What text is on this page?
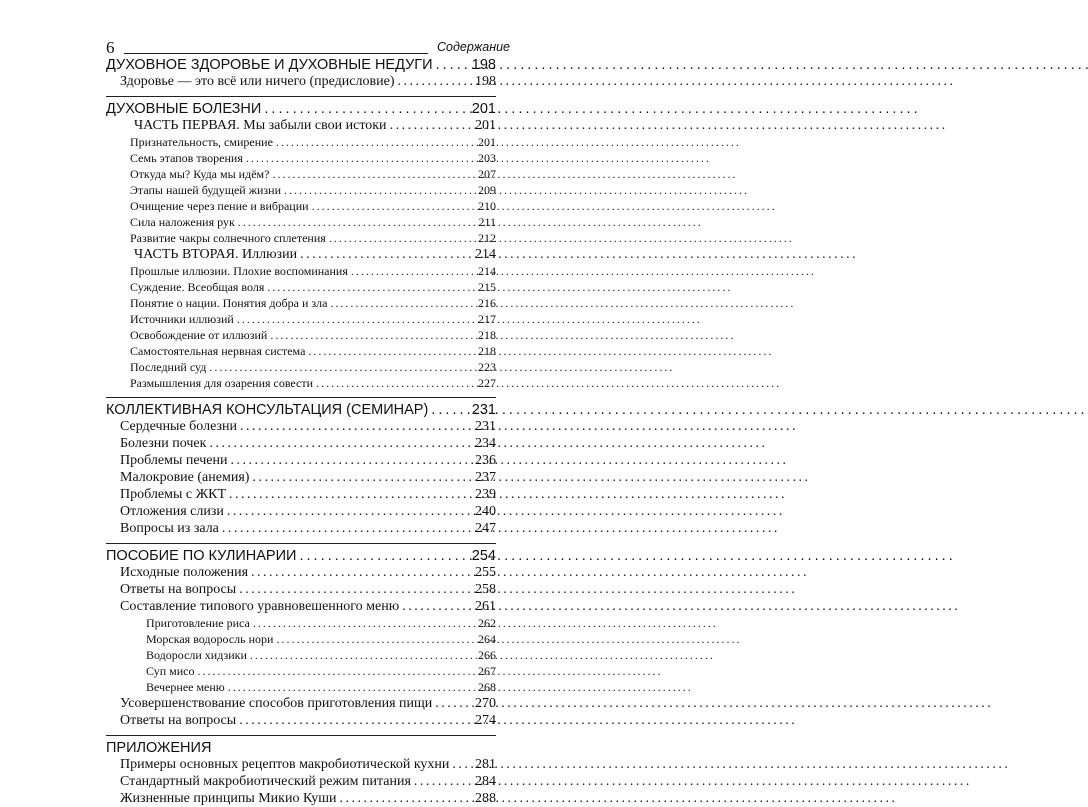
6	Содержание
ДУХОВНОЕ ЗДОРОВЬЕ И ДУХОВНЫЕ НЕДУГИ . . .	198
Здоровье — это всё или ничего (предисловие) . . .	198
ДУХОВНЫЕ БОЛЕЗНИ . . .	201
ЧАСТЬ ПЕРВАЯ. Мы забыли свои истоки . . .	201
Признательность, смирение . . .	201
Семь этапов творения . . .	203
Откуда мы? Куда мы идём? . . .	207
Этапы нашей будущей жизни . . .	209
Очищение через пение и вибрации . . .	210
Сила наложения рук . . .	211
Развитие чакры солнечного сплетения . . .	212
ЧАСТЬ ВТОРАЯ. Иллюзии . . .	214
Прошлые иллюзии. Плохие воспоминания . . .	214
Суждение. Всеобщая воля . . .	215
Понятие о нации. Понятия добра и зла . . .	216
Источники иллюзий . . .	217
Освобождение от иллюзий . . .	218
Самостоятельная нервная система . . .	218
Последний суд . . .	223
Размышления для озарения совести . . .	227
КОЛЛЕКТИВНАЯ КОНСУЛЬТАЦИЯ (СЕМИНАР) . . .	231
Сердечные болезни . . .	231
Болезни почек . . .	234
Проблемы печени . . .	236
Малокровие (анемия) . . .	237
Проблемы с ЖКТ . . .	239
Отложения слизи . . .	240
Вопросы из зала . . .	247
ПОСОБИЕ ПО КУЛИНАРИИ . . .	254
Исходные положения . . .	255
Ответы на вопросы . . .	258
Составление типового уравновешенного меню . . .	261
Приготовление риса . . .	262
Морская водоросль нори . . .	264
Водоросли хидзики . . .	266
Суп мисо . . .	267
Вечернее меню . . .	268
Усовершенствование способов приготовления пищи . . .	270
Ответы на вопросы . . .	274
ПРИЛОЖЕНИЯ
Примеры основных рецептов макробиотической кухни . . . 281
Стандартный макробиотический режим питания . . .	284
Жизненные принципы Микио Куши . . .	288
